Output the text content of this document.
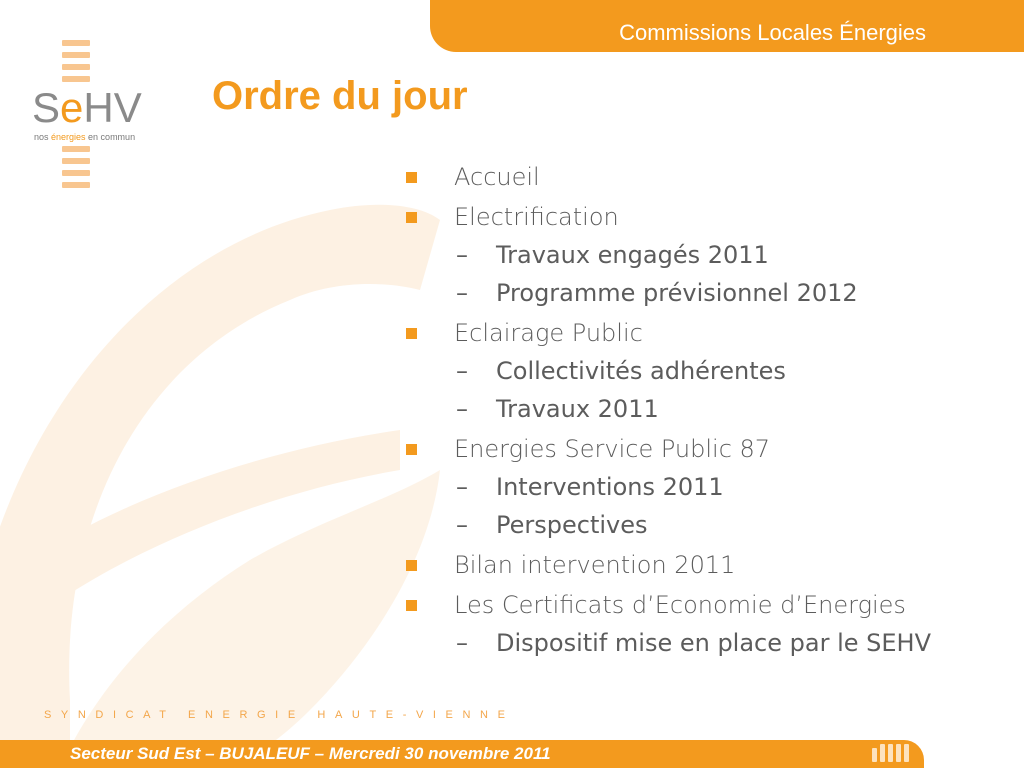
Commissions Locales Énergies
SeHV
nos énergies en commun
Ordre du jour
Accueil
Electrification
– Travaux engagés 2011
– Programme prévisionnel 2012
Eclairage Public
– Collectivités adhérentes
– Travaux 2011
Energies Service Public 87
– Interventions 2011
– Perspectives
Bilan intervention 2011
Les Certificats d’Economie d’Energies
– Dispositif mise en place par le SEHV
SYNDICAT ENERGIE HAUTE-VIENNE
Secteur Sud Est – BUJALEUF – Mercredi 30 novembre 2011
